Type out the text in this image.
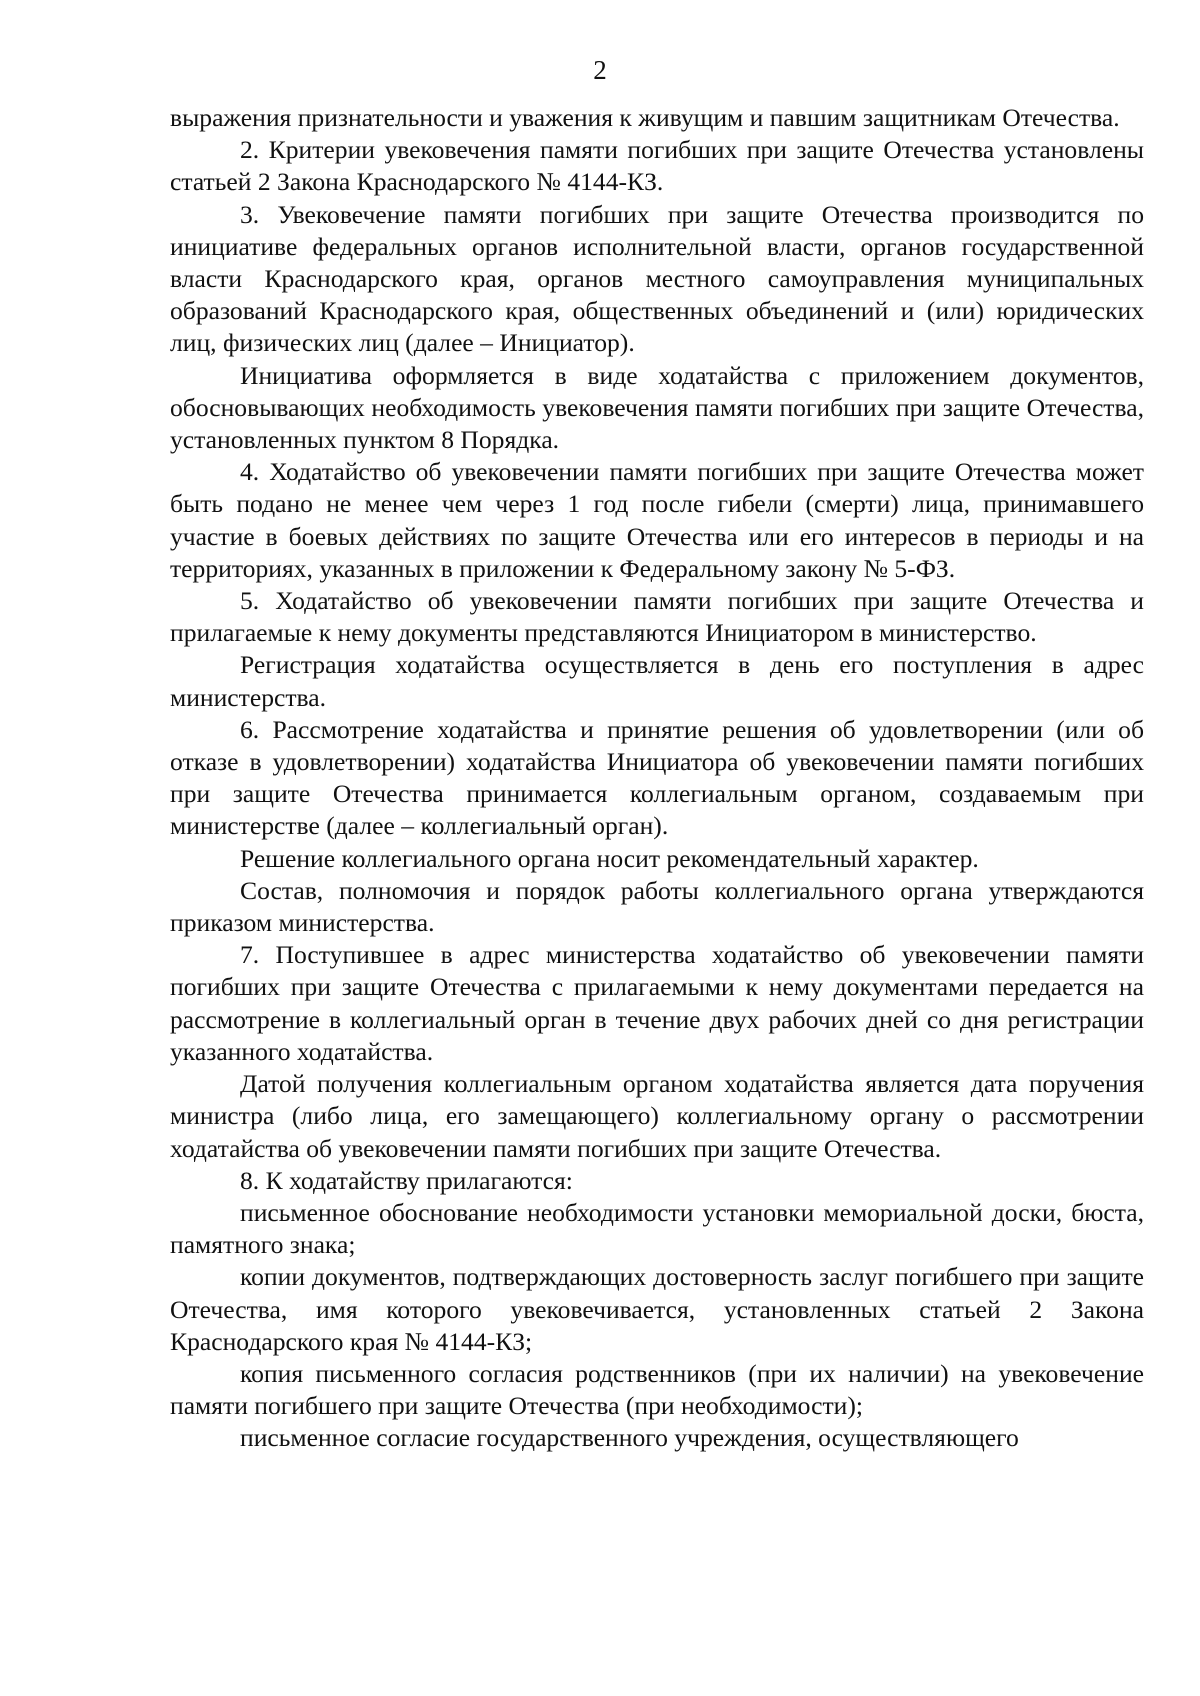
2

выражения признательности и уважения к живущим и павшим защитникам Отечества.

2. Критерии увековечения памяти погибших при защите Отечества установлены статьей 2 Закона Краснодарского № 4144-КЗ.

3. Увековечение памяти погибших при защите Отечества производится по инициативе федеральных органов исполнительной власти, органов государственной власти Краснодарского края, органов местного самоуправления муниципальных образований Краснодарского края, общественных объединений и (или) юридических лиц, физических лиц (далее – Инициатор).

Инициатива оформляется в виде ходатайства с приложением документов, обосновывающих необходимость увековечения памяти погибших при защите Отечества, установленных пунктом 8 Порядка.

4. Ходатайство об увековечении памяти погибших при защите Отечества может быть подано не менее чем через 1 год после гибели (смерти) лица, принимавшего участие в боевых действиях по защите Отечества или его интересов в периоды и на территориях, указанных в приложении к Федеральному закону № 5-ФЗ.

5. Ходатайство об увековечении памяти погибших при защите Отечества и прилагаемые к нему документы представляются Инициатором в министерство.

Регистрация ходатайства осуществляется в день его поступления в адрес министерства.

6. Рассмотрение ходатайства и принятие решения об удовлетворении (или об отказе в удовлетворении) ходатайства Инициатора об увековечении памяти погибших при защите Отечества принимается коллегиальным органом, создаваемым при министерстве (далее – коллегиальный орган).

Решение коллегиального органа носит рекомендательный характер.

Состав, полномочия и порядок работы коллегиального органа утверждаются приказом министерства.

7. Поступившее в адрес министерства ходатайство об увековечении памяти погибших при защите Отечества с прилагаемыми к нему документами передается на рассмотрение в коллегиальный орган в течение двух рабочих дней со дня регистрации указанного ходатайства.

Датой получения коллегиальным органом ходатайства является дата поручения министра (либо лица, его замещающего) коллегиальному органу о рассмотрении ходатайства об увековечении памяти погибших при защите Отечества.

8. К ходатайству прилагаются:

письменное обоснование необходимости установки мемориальной доски, бюста, памятного знака;

копии документов, подтверждающих достоверность заслуг погибшего при защите Отечества, имя которого увековечивается, установленных статьей 2 Закона Краснодарского края № 4144-КЗ;

копия письменного согласия родственников (при их наличии) на увековечение памяти погибшего при защите Отечества (при необходимости);

письменное согласие государственного учреждения, осуществляющего
